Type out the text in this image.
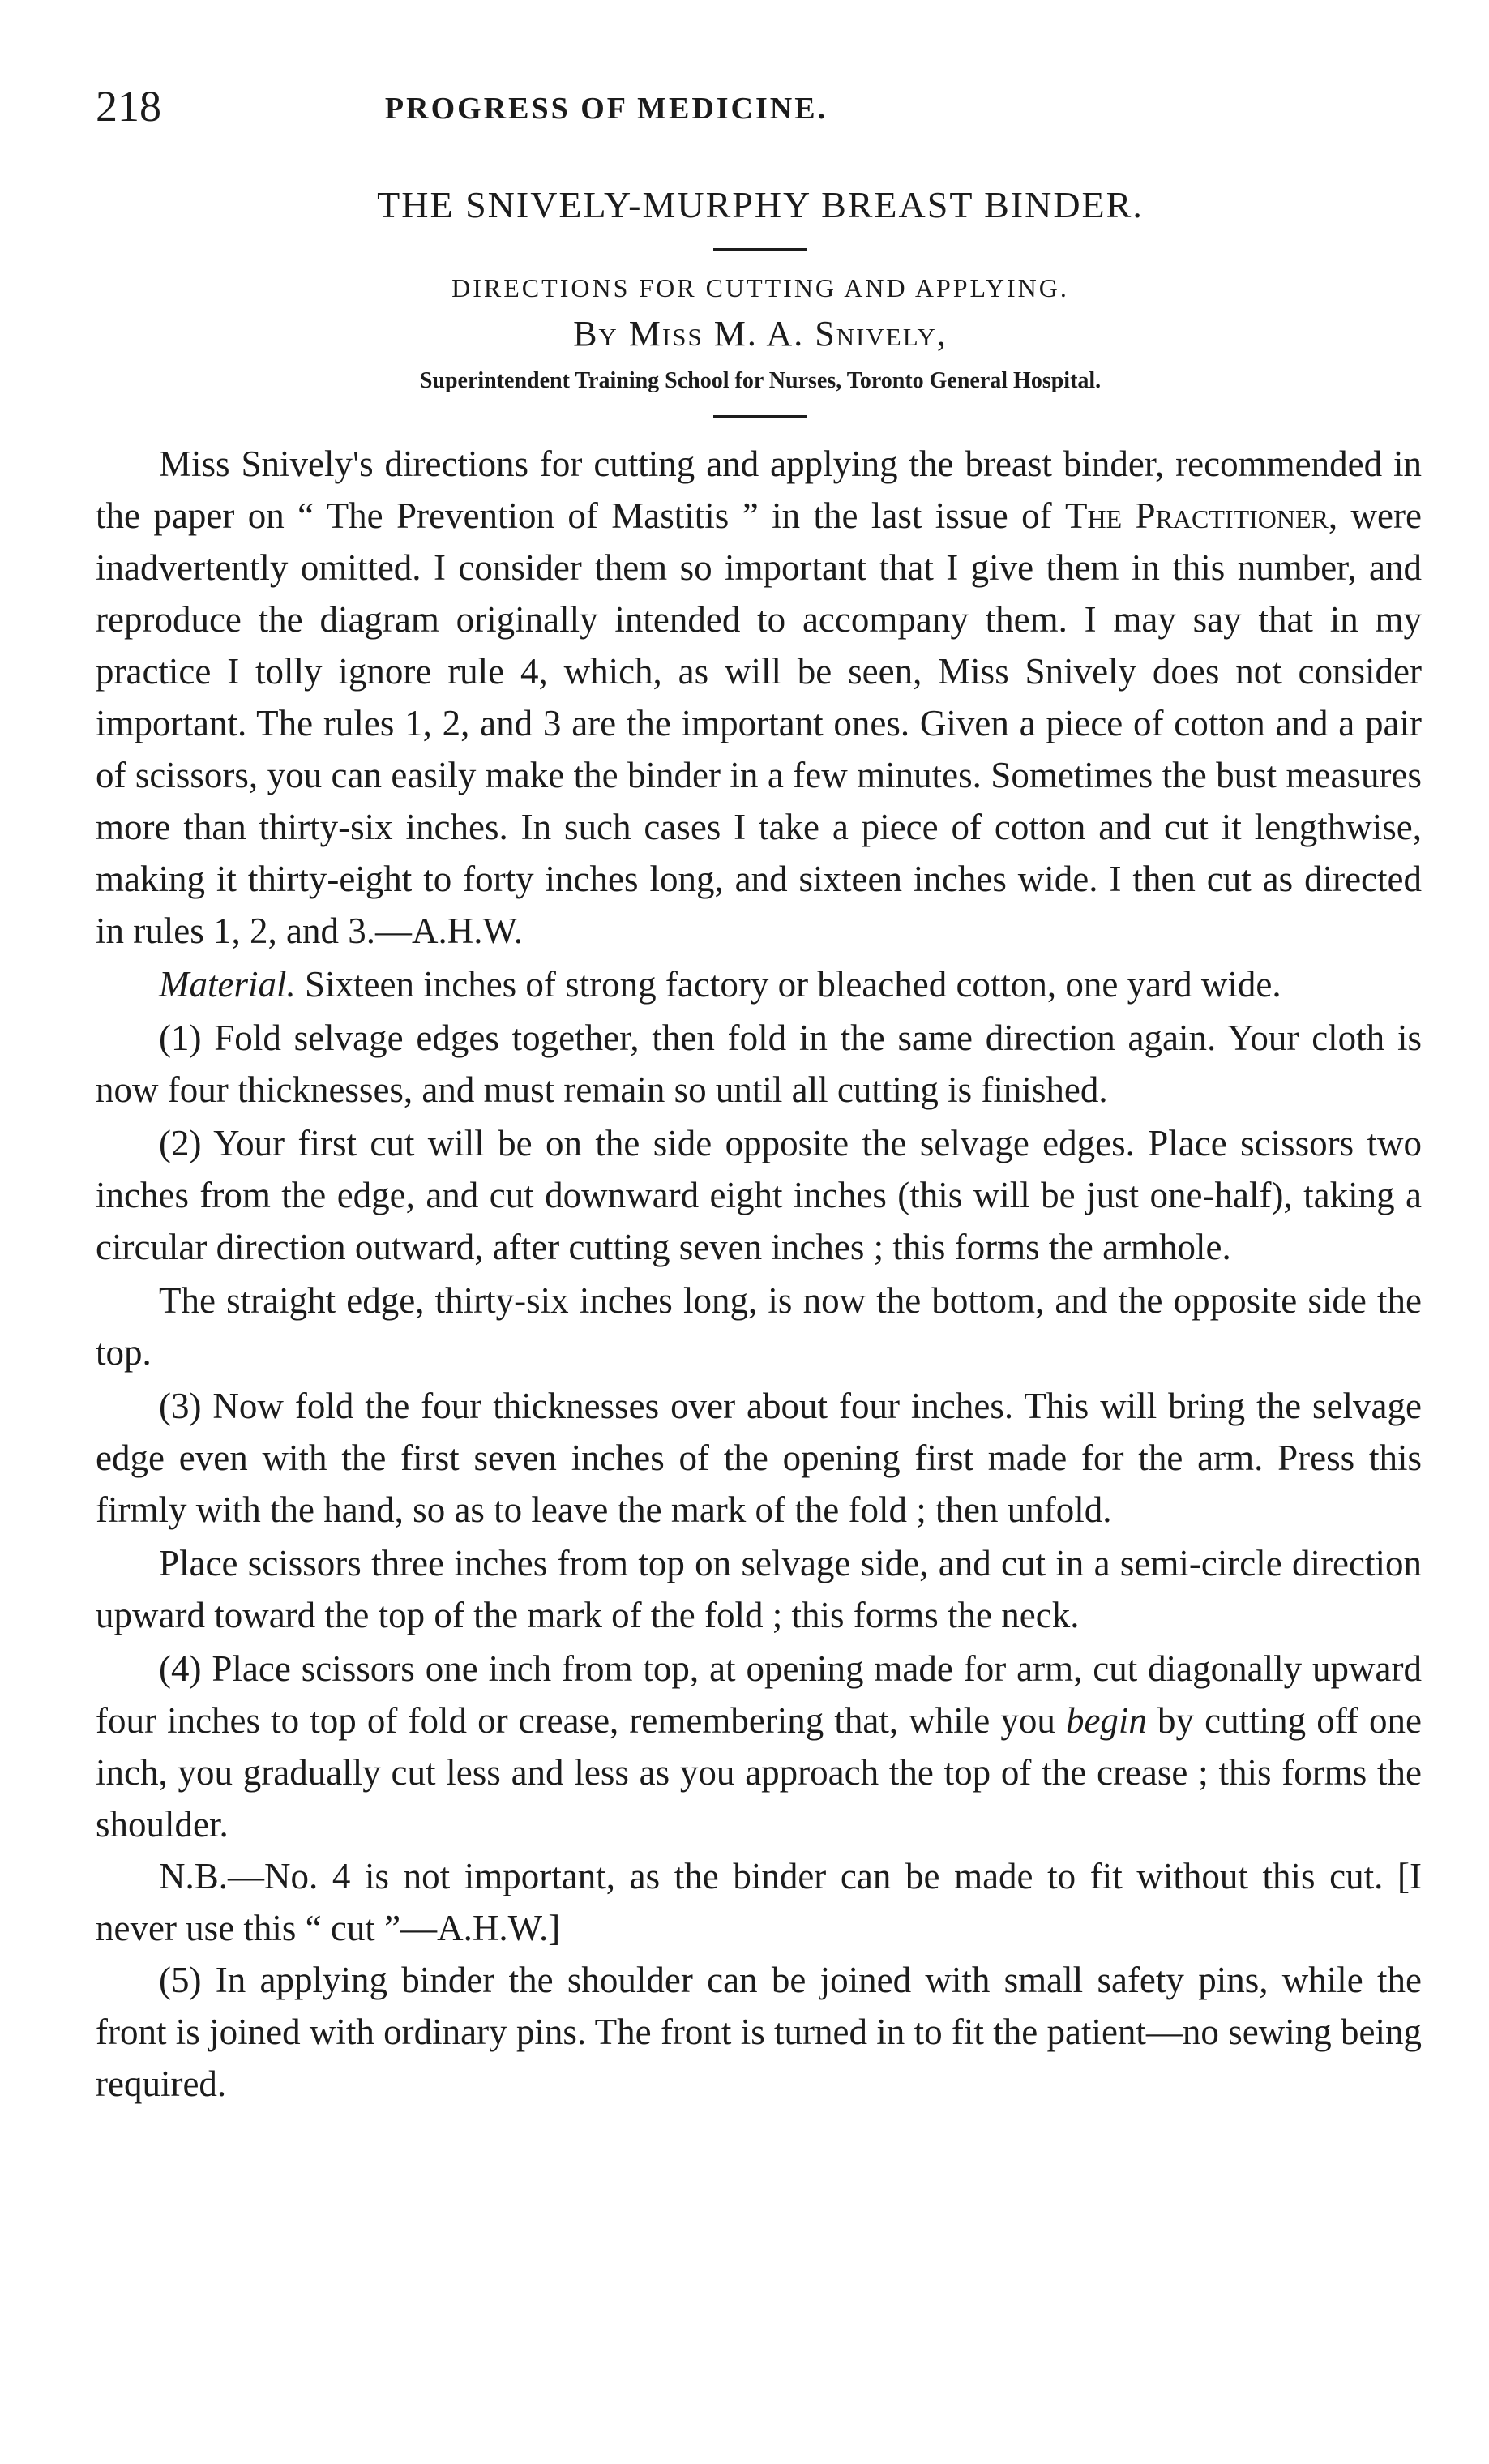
218	PROGRESS OF MEDICINE.
THE SNIVELY-MURPHY BREAST BINDER.
DIRECTIONS FOR CUTTING AND APPLYING.
By Miss M. A. Snively,
Superintendent Training School for Nurses, Toronto General Hospital.

Miss Snively's directions for cutting and applying the breast binder, recommended in the paper on “ The Prevention of Mastitis ” in the last issue of The Practitioner, were inadvertently omitted. I consider them so important that I give them in this number, and reproduce the diagram originally intended to accompany them. I may say that in my practice I tolly ignore rule 4, which, as will be seen, Miss Snively does not consider important. The rules 1, 2, and 3 are the important ones. Given a piece of cotton and a pair of scissors, you can easily make the binder in a few minutes. Sometimes the bust measures more than thirty-six inches. In such cases I take a piece of cotton and cut it lengthwise, making it thirty-eight to forty inches long, and sixteen inches wide. I then cut as directed in rules 1, 2, and 3.—A.H.W.

Material. Sixteen inches of strong factory or bleached cotton, one yard wide.

(1) Fold selvage edges together, then fold in the same direction again. Your cloth is now four thicknesses, and must remain so until all cutting is finished.

(2) Your first cut will be on the side opposite the selvage edges. Place scissors two inches from the edge, and cut downward eight inches (this will be just one-half), taking a circular direction outward, after cutting seven inches ; this forms the armhole.

The straight edge, thirty-six inches long, is now the bottom, and the opposite side the top.

(3) Now fold the four thicknesses over about four inches. This will bring the selvage edge even with the first seven inches of the opening first made for the arm. Press this firmly with the hand, so as to leave the mark of the fold ; then unfold.

Place scissors three inches from top on selvage side, and cut in a semi-circle direction upward toward the top of the mark of the fold ; this forms the neck.

(4) Place scissors one inch from top, at opening made for arm, cut diagonally upward four inches to top of fold or crease, remembering that, while you begin by cutting off one inch, you gradually cut less and less as you approach the top of the crease ; this forms the shoulder.

N.B.—No. 4 is not important, as the binder can be made to fit without this cut. [I never use this “ cut ”—A.H.W.]

(5) In applying binder the shoulder can be joined with small safety pins, while the front is joined with ordinary pins. The front is turned in to fit the patient—no sewing being required.
